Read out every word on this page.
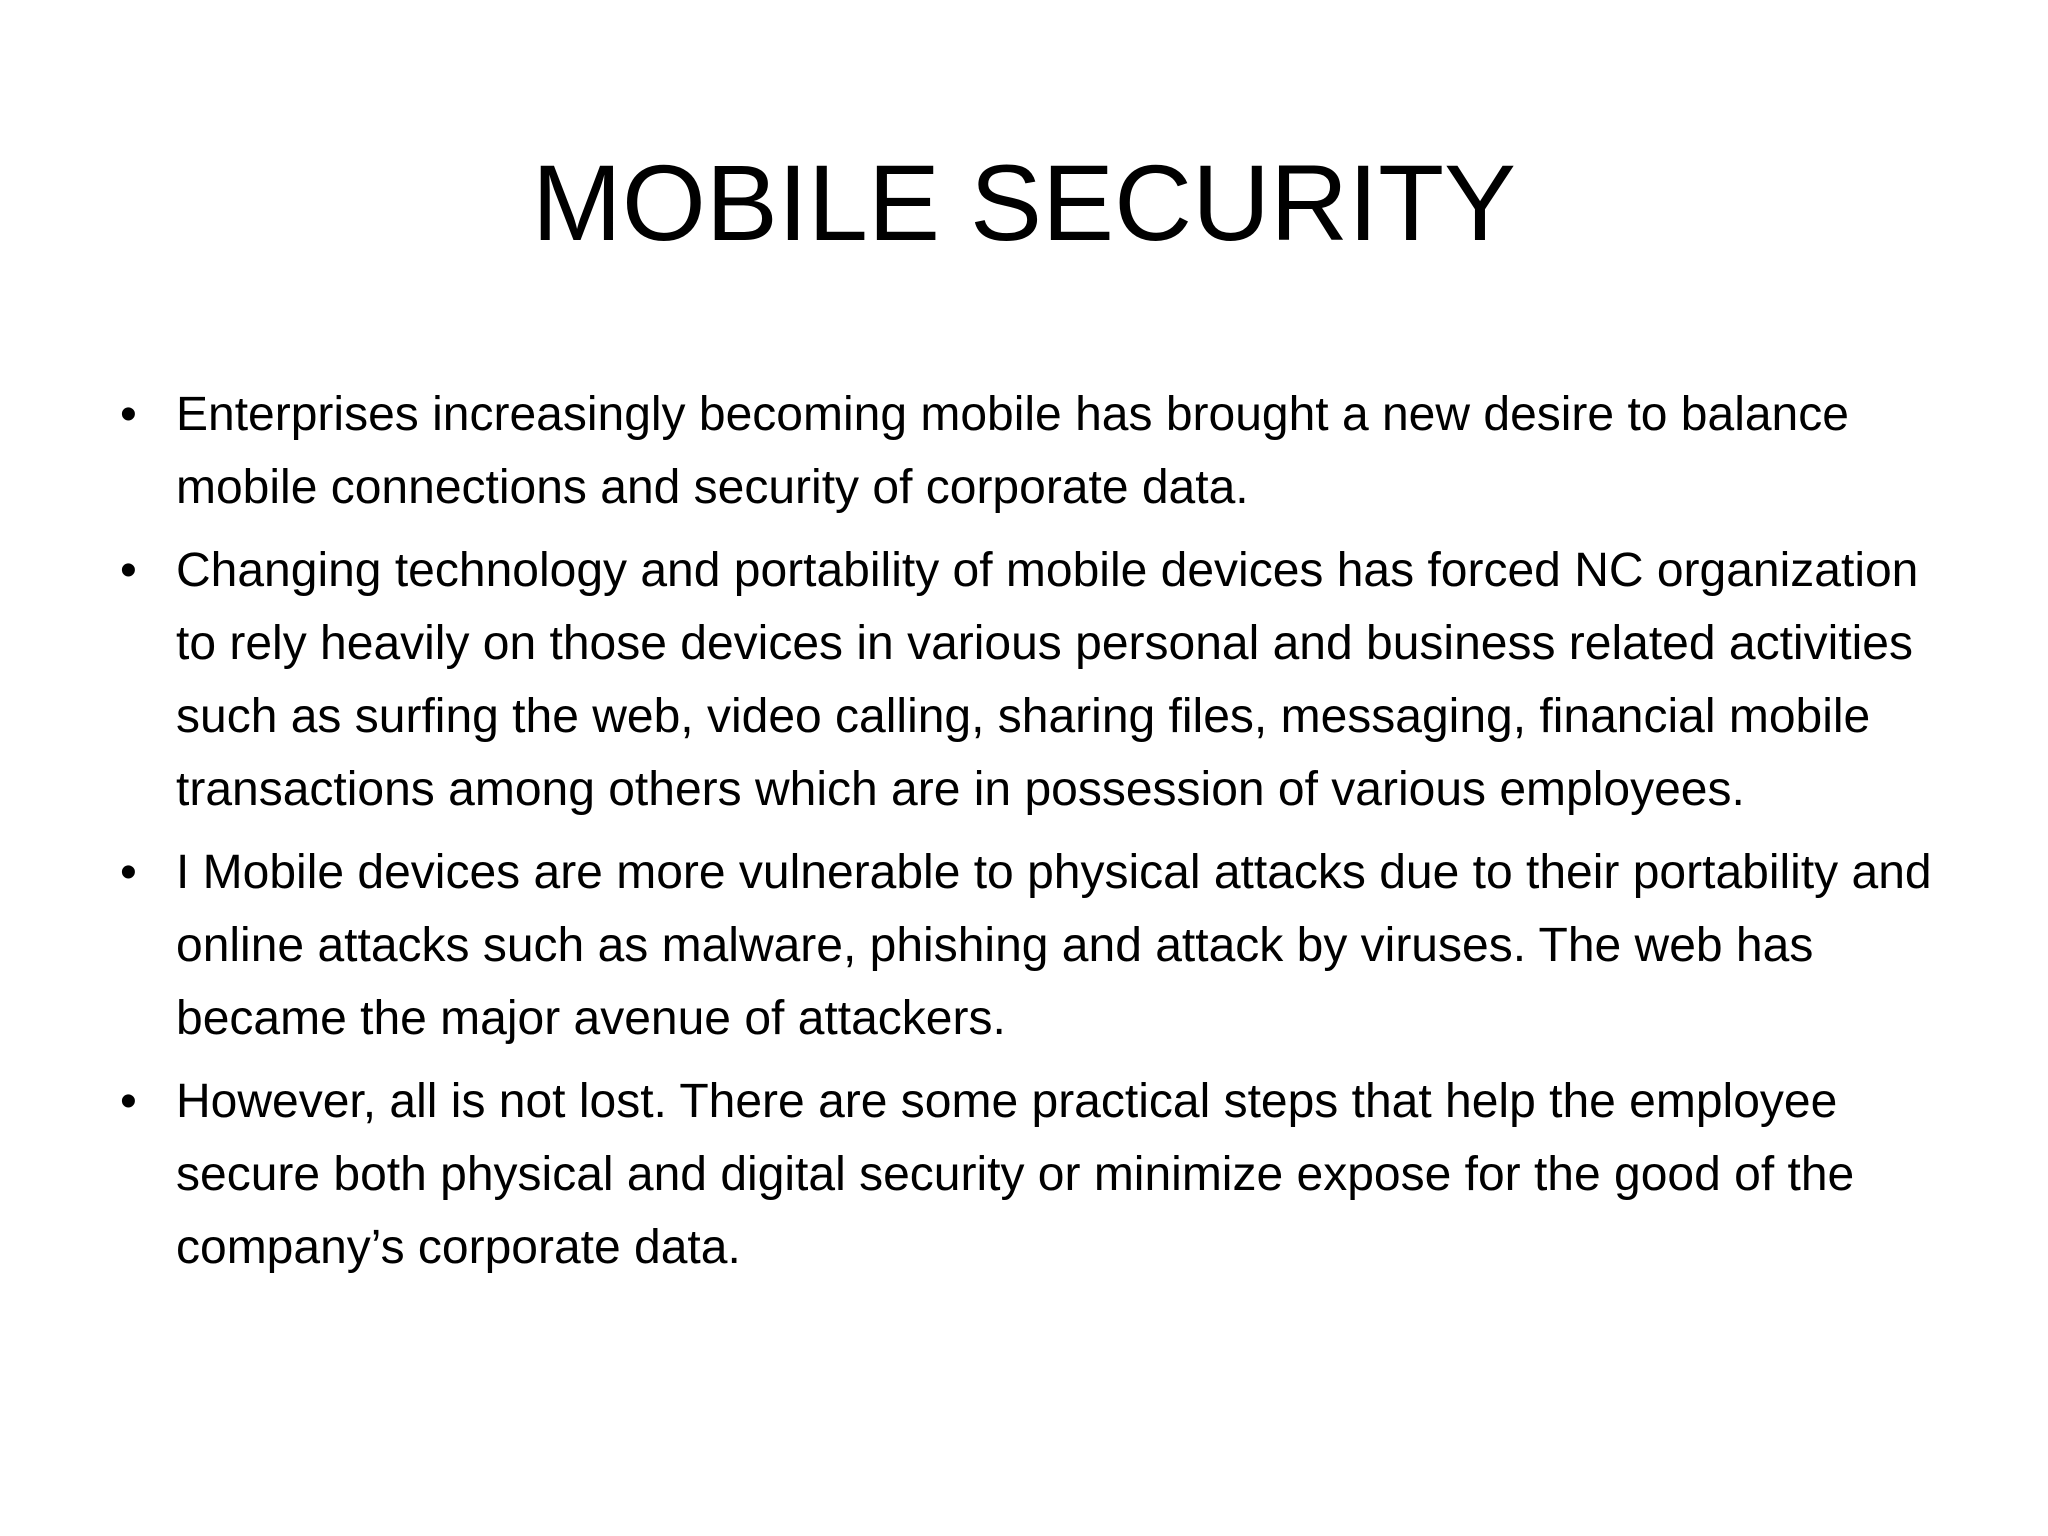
MOBILE SECURITY
• Enterprises increasingly becoming mobile has brought a new desire to balance mobile connections and security of corporate data.
• Changing technology and portability of mobile devices has forced NC organization to rely heavily on those devices in various personal and business related activities such as surfing the web, video calling, sharing files, messaging, financial mobile transactions among others which are in possession of various employees.
• I Mobile devices are more vulnerable to physical attacks due to their portability and online attacks such as malware, phishing and attack by viruses. The web has became the major avenue of attackers.
• However, all is not lost. There are some practical steps that help the employee secure both physical and digital security or minimize expose for the good of the company’s corporate data.
